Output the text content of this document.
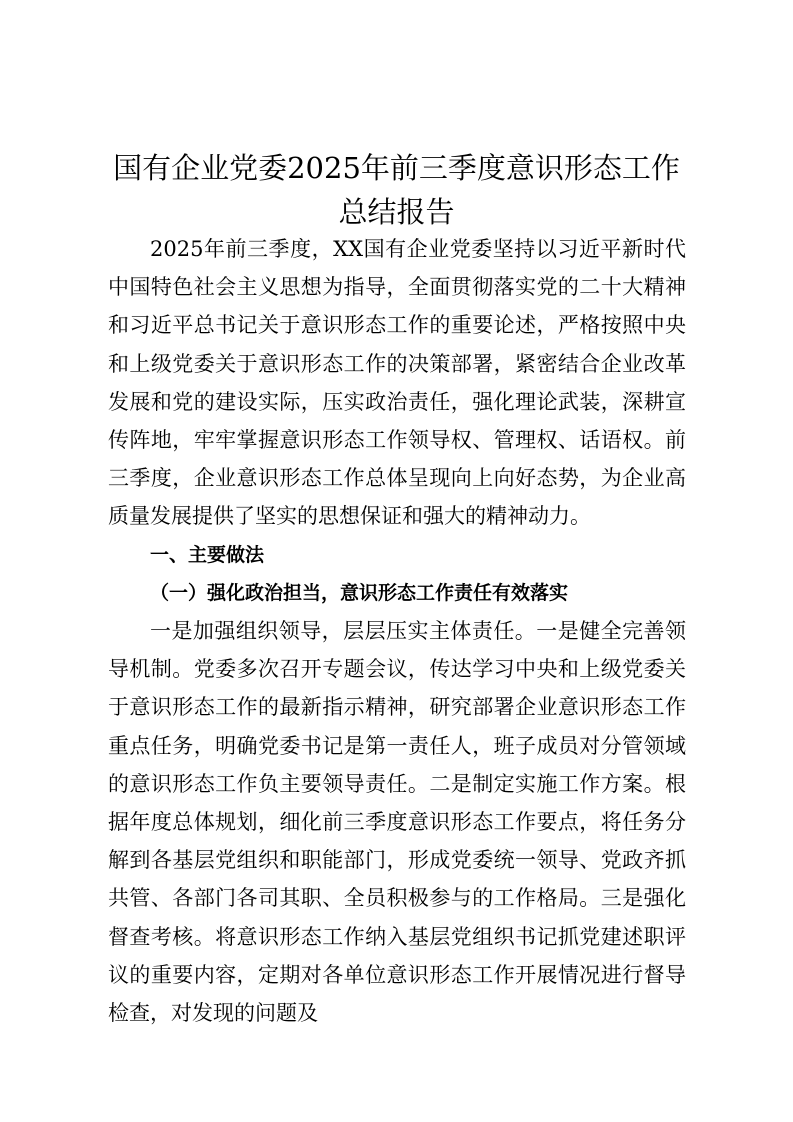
国有企业党委2025年前三季度意识形态工作
总结报告

2025年前三季度，XX国有企业党委坚持以习近平新时代中国特色社会主义思想为指导，全面贯彻落实党的二十大精神和习近平总书记关于意识形态工作的重要论述，严格按照中央和上级党委关于意识形态工作的决策部署，紧密结合企业改革发展和党的建设实际，压实政治责任，强化理论武装，深耕宣传阵地，牢牢掌握意识形态工作领导权、管理权、话语权。前三季度，企业意识形态工作总体呈现向上向好态势，为企业高质量发展提供了坚实的思想保证和强大的精神动力。

一、主要做法

（一）强化政治担当，意识形态工作责任有效落实

一是加强组织领导，层层压实主体责任。一是健全完善领导机制。党委多次召开专题会议，传达学习中央和上级党委关于意识形态工作的最新指示精神，研究部署企业意识形态工作重点任务，明确党委书记是第一责任人，班子成员对分管领域的意识形态工作负主要领导责任。二是制定实施工作方案。根据年度总体规划，细化前三季度意识形态工作要点，将任务分解到各基层党组织和职能部门，形成党委统一领导、党政齐抓共管、各部门各司其职、全员积极参与的工作格局。三是强化督查考核。将意识形态工作纳入基层党组织书记抓党建述职评议的重要内容，定期对各单位意识形态工作开展情况进行督导检查，对发现的问题及
